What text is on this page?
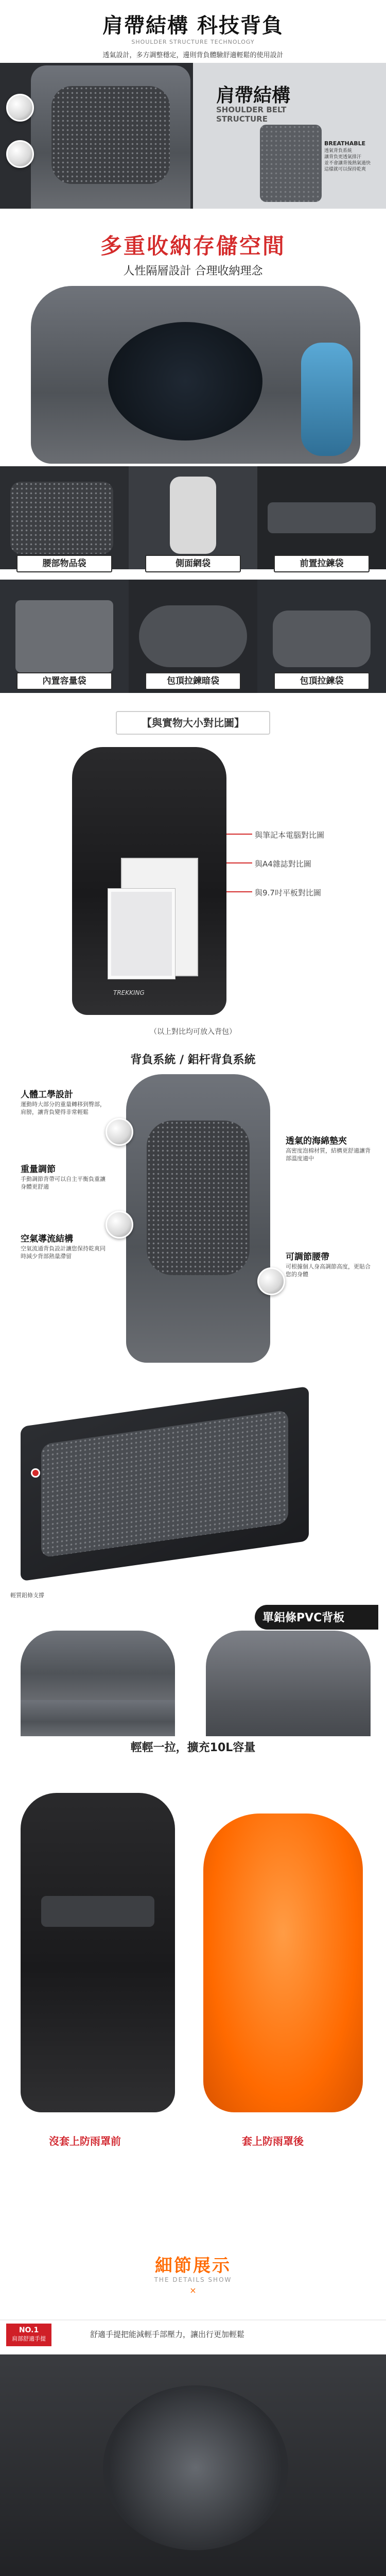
肩帶結構 科技背負
SHOULDER STRUCTURE TECHNOLOGY
透氣設計，多方調整穩定，邊則背負體驗舒適輕鬆的使用設計
肩帶結構
SHOULDER BELT
STRUCTURE
BREATHABLE
透氣背負系統
讓背負更透氣排汗
並不會讓背後熱氣過快
這樣就可以保持乾爽
多重收納存儲空間
人性隔層設計 合理收納理念
腰部物品袋	側面網袋	前置拉鍊袋
內置容量袋	包頂拉鍊暗袋	包頂拉鍊袋
【與實物大小對比圖】
TREKKING
與筆記本電腦對比圖
與A4雜誌對比圖
與9.7吋平板對比圖
（以上對比均可放入背包）
背負系統 / 鋁杆背負系統
人體工學設計
運動時大部分的重量轉移到臀部，肩膀，讓背負變得非常輕鬆
重量調節
手動調節背帶可以自主平衡負重讓身體更舒適
空氣導流結構
空氣流通背負設計讓您保持乾爽同時減少背部熱量滯留
透氣的海綿墊夾
高密度泡棉材質，結構更舒適讓背部溫度適中
可調節腰帶
可根據個人身高調節高度，更貼合您的身體
輕質鋁條支撐
單鋁條PVC背板
輕輕一拉，擴充10L容量
沒套上防雨罩前	套上防雨罩後
細節展示
THE DETAILS SHOW
×
NO.1
肩部舒適手提	舒適手提把能減輕手部壓力，讓出行更加輕鬆
